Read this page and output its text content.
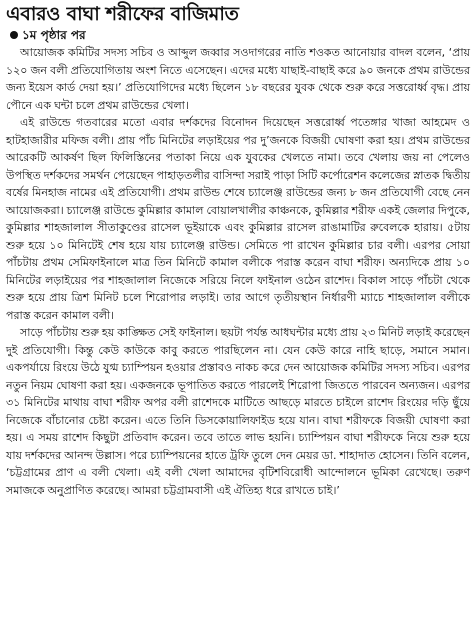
এবারও বাঘা শরীফের বাজিমাত
১ম পৃষ্ঠার পর

আয়োজক কমিটির সদস্য সচিব ও আব্দুল জব্বার সওদাগরের নাতি শওকত আনোয়ার বাদল বলেন, ‘প্রায় ১২০ জন বলী প্রতিযোগিতায় অংশ নিতে এসেছেন। এদের মধ্যে যাছাই-বাছাই করে ৯০ জনকে প্রথম রাউন্ডের জন্য ইয়েস কার্ড দেয়া হয়।’ প্রতিযোগিদের মধ্যে ছিলেন ১৮ বছরের যুবক থেকে শুরু করে সত্তরোর্ধ্ব বৃদ্ধ। প্রায় পৌনে এক ঘন্টা চলে প্রথম রাউন্ডের খেলা।

এই রাউন্ডে গতবারের মতো এবার দর্শকদের বিনোদন দিয়েছেন সত্তরোর্ধ্ব পতেঙ্গার খাজা আহমেদ ও হাটহাজারীর মফিজ বলী। প্রায় পাঁচ মিনিটের লড়াইয়ের পর দু’জনকে বিজয়ী ঘোষণা করা হয়। প্রথম রাউন্ডের আরেকটি আকর্ষণ ছিল ফিলিস্তিনের পতাকা নিয়ে এক যুবকের খেলতে নামা। তবে খেলায় জয় না পেলেও উপস্থিত দর্শকদের সমর্থন পেয়েছেন পাহাড়তলীর বাসিন্দা সরাই পাড়া সিটি কর্পোরেশন কলেজের স্নাতক দ্বিতীয় বর্ষের মিনহাজ নামের এই প্রতিযোগী। প্রথম রাউন্ড শেষে চ্যালেঞ্জ রাউন্ডের জন্য ৮ জন প্রতিযোগী বেছে নেন আয়োজকরা। চ্যালেঞ্জ রাউন্ডে কুমিল্লার কামাল বোয়ালখালীর কাঞ্চনকে, কুমিল্লার শরীফ একই জেলার দিপুকে, কুমিল্লার শাহজালাল সীতাকুণ্ডের রাসেল ভূইয়াকে এবং কুমিল্লার রাসেল রাঙামাটির রুবেলকে হারায়। ৫টায় শুরু হয়ে ১০ মিনিটেই শেষ হয়ে যায় চ্যালেঞ্জ রাউন্ড। সেমিতে পা রাখেন কুমিল্লার চার বলী। এরপর সোয়া পাঁচটায় প্রথম সেমিফাইনালে মাত্র তিন মিনিটে কামাল বলীকে পরাস্ত করেন বাঘা শরীফ। অন্যদিকে প্রায় ১০ মিনিটের লড়াইয়ের পর শাহজালাল নিজেকে সরিয়ে নিলে ফাইনাল ওঠেন রাশেদ। বিকাল সাড়ে পাঁচটা থেকে শুরু হয়ে প্রায় ত্রিশ মিনিট চলে শিরোপার লড়াই। তার আগে তৃতীয়স্থান নির্ধারণী ম্যাচে শাহজালাল বলীকে পরাস্ত করেন কামাল বলী।

সাড়ে পাঁচটায় শুরু হয় কাঙ্ক্ষিত সেই ফাইনাল। ছয়টা পর্যন্ত আধঘন্টার মধ্যে প্রায় ২৩ মিনিট লড়াই করেছেন দুই প্রতিযোগী। কিন্তু কেউ কাউকে কাবু করতে পারছিলেন না। যেন কেউ কারে নাহি ছাড়ে, সমানে সমান। একপর্যায়ে রিংয়ে উঠে যুগ্ম চ্যাম্পিয়ন হওয়ার প্রস্তাবও নাকচ করে দেন আয়োজক কমিটির সদস্য সচিব। এরপর নতুন নিয়ম ঘোষণা করা হয়। একজনকে ভূপাতিত করতে পারলেই শিরোপা জিততে পারবেন অন্যজন। এরপর ৩১ মিনিটের মাথায় বাঘা শরীফ অপর বলী রাশেদকে মাটিতে আছড়ে মারতে চাইলে রাশেদ রিংয়ের দড়ি ছুঁয়ে নিজেকে বাঁচানোর চেষ্টা করেন। এতে তিনি ডিসকোয়ালিফাইড হয়ে যান। বাঘা শরীফকে বিজয়ী ঘোষণা করা হয়। এ সময় রাশেদ কিছুটা প্রতিবাদ করেন। তবে তাতে লাভ হয়নি। চ্যাম্পিয়ন বাঘা শরীফকে নিয়ে শুরু হয়ে যায় দর্শকদের আনন্দ উল্লাস। পরে চ্যাম্পিয়নের হাতে ট্রফি তুলে দেন মেয়র ডা. শাহাদাত হোসেন। তিনি বলেন, ‘চট্টগ্রামের প্রাণ এ বলী খেলা। এই বলী খেলা আমাদের বৃটিশবিরোধী আন্দোলনে ভূমিকা রেখেছে। তরুণ সমাজকে অনুপ্রাণিত করেছে। আমরা চট্টগ্রামবাসী এই ঐতিহ্য ধরে রাখতে চাই।’
